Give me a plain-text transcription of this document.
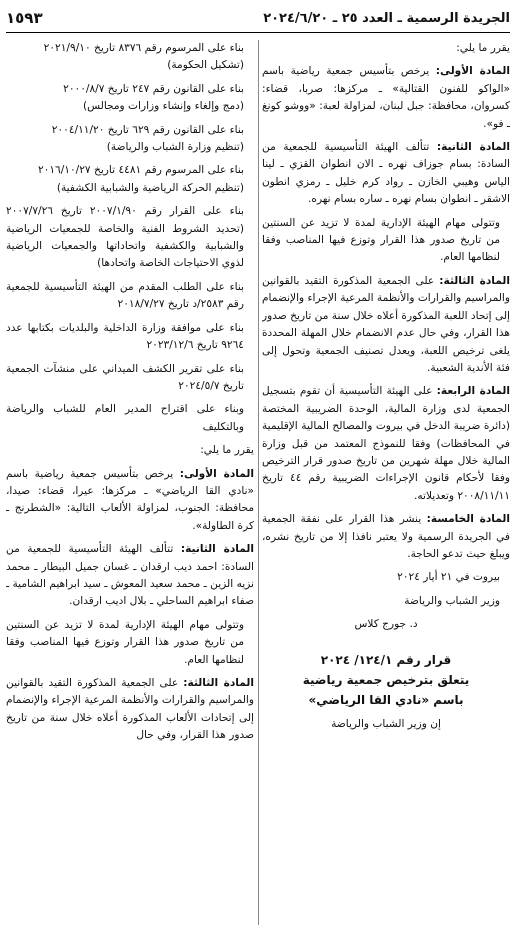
الجريدة الرسمية ـ العدد ٢٥ ـ ٢٠٢٤/٦/٢٠
١٥٩٣

يقرر ما يلي:

المادة الأولى: يرخص بتأسيس جمعية رياضية باسم «الواكو للفنون القتالية» ـ مركزها: صربا، قضاء: كسروان، محافظة: جبل لبنان، لمزاولة لعبة: «ووشو كونغ ـ فو».

المادة الثانية: تتألف الهيئة التأسيسية للجمعية من السادة: بسام جوزاف نهره ـ الان انطوان القزي ـ لينا الياس وهيبي الخازن ـ رواد كرم خليل ـ رمزي انطون الاشقر ـ انطوان بسام نهره ـ ساره بسام نهره.

وتتولى مهام الهيئة الإدارية لمدة لا تزيد عن السنتين من تاريخ صدور هذا القرار وتوزع فيها المناصب وفقا لنظامها العام.

المادة الثالثة: على الجمعية المذكورة التقيد بالقوانين والمراسيم والقرارات والأنظمة المرعية الإجراء والإنضمام إلى إتحاد اللعبة المذكورة أعلاه خلال سنة من تاريخ صدور هذا القرار، وفي حال عدم الانضمام خلال المهلة المحددة يلغى ترخيص اللعبة، ويعدل تصنيف الجمعية وتحول إلى فئة الأندية الشعبية.

المادة الرابعة: على الهيئة التأسيسية أن تقوم بتسجيل الجمعية لدى وزارة المالية، الوحدة الضريبية المختصة (دائرة ضريبة الدخل في بيروت والمصالح المالية الإقليمية في المحافظات) وفقا للنموذج المعتمد من قبل وزارة المالية خلال مهلة شهرين من تاريخ صدور قرار الترخيص وفقا لأحكام قانون الإجراءات الضريبية رقم ٤٤ تاريخ ٢٠٠٨/١١/١١ وتعديلاته.

المادة الخامسة: ينشر هذا القرار على نفقة الجمعية في الجريدة الرسمية ولا يعتبر نافذا إلا من تاريخ نشره، ويبلغ حيث تدعو الحاجة.

بيروت في ٢١ أيار ٢٠٢٤

وزير الشباب والرياضة

د. جورج كلاس

قرار رقم ١٢٤/١/ ٢٠٢٤

يتعلق بترخيص جمعية رياضية

باسم «نادي القا الرياضي»

إن وزير الشباب والرياضة

بناء على المرسوم رقم ٨٣٧٦ تاريخ ٢٠٢١/٩/١٠
(تشكيل الحكومة)

بناء على القانون رقم ٢٤٧ تاريخ ٢٠٠٠/٨/٧
(دمج وإلغاء وإنشاء وزارات ومجالس)

بناء على القانون رقم ٦٢٩ تاريخ ٢٠٠٤/١١/٢٠
(تنظيم وزارة الشباب والرياضة)

بناء على المرسوم رقم ٤٤٨١ تاريخ ٢٠١٦/١٠/٢٧
(تنظيم الحركة الرياضية والشبابية الكشفية)

بناء على القرار رقم ٢٠٠٧/١/٩٠ تاريخ ٢٠٠٧/٧/٢٦ (تحديد الشروط الفنية والخاصة للجمعيات الرياضية والشبابية والكشفية واتحاداتها والجمعيات الرياضية لذوي الاحتياجات الخاصة واتحادها)

بناء على الطلب المقدم من الهيئة التأسيسية للجمعية رقم ٢٥٨٣/د تاريخ ٢٠١٨/٧/٢٧

بناء على موافقة وزارة الداخلية والبلديات بكتابها عدد ٩٢٦٤ تاريخ ٢٠٢٣/١٢/٦

بناء على تقرير الكشف الميداني على منشآت الجمعية تاريخ ٢٠٢٤/٥/٧

وبناء على اقتراح المدير العام للشباب والرياضة وبالتكليف

يقرر ما يلي:

المادة الأولى: يرخص بتأسيس جمعية رياضية باسم «نادي القا الرياضي» ـ مركزها: عيرا، قضاء: صيدا، محافظة: الجنوب، لمزاولة الألعاب التالية: «الشطرنج ـ كرة الطاولة».

المادة الثانية: تتألف الهيئة التأسيسية للجمعية من السادة: احمد ديب ارقدان ـ غسان جميل البيطار ـ محمد نزيه الزين ـ محمد سعيد المعوش ـ سيد ابراهيم الشامية ـ صفاء ابراهيم الساحلي ـ بلال اديب ارقدان.

وتتولى مهام الهيئة الإدارية لمدة لا تزيد عن السنتين من تاريخ صدور هذا القرار وتوزع فيها المناصب وفقا لنظامها العام.

المادة الثالثة: على الجمعية المذكورة التقيد بالقوانين والمراسيم والقرارات والأنظمة المرعية الإجراء والإنضمام إلى إتحادات الألعاب المذكورة أعلاه خلال سنة من تاريخ صدور هذا القرار، وفي حال
